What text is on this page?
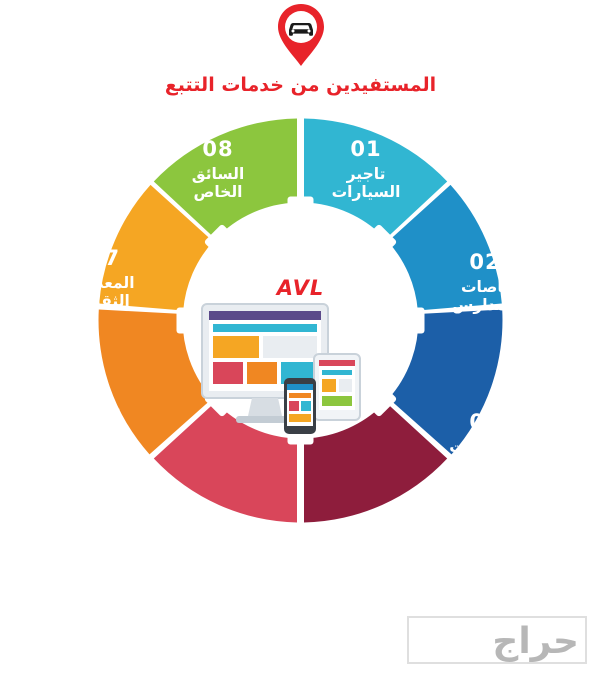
المستفيدين من خدمات التتبع
AVL
01
تاجير السيارات
02
باصات المدارس
03
الشاحنات
04
توصيل المطاعم
05
شركات المقاولات
06
مناديب المبيعات
07
المعدات الثقيلة
08
السائق الخاص
حراج
